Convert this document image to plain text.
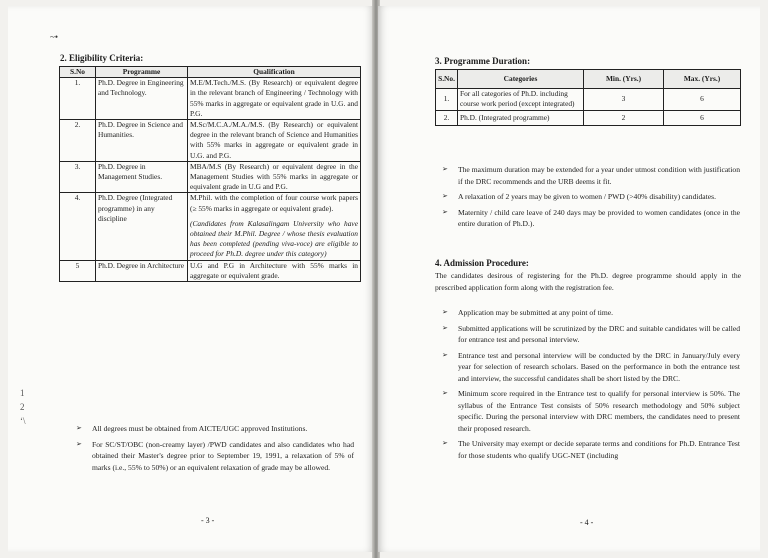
~•
1
2
‘\
2. Eligibility Criteria:
S.No	Programme	Qualification
1.	Ph.D. Degree in Engineering and Technology.	M.E/M.Tech./M.S. (By Research) or equivalent degree in the relevant branch of Engineering / Technology with 55% marks in aggregate or equivalent grade in U.G. and P.G.
2.	Ph.D. Degree in Science and Humanities.	M.Sc/M.C.A./M.A./M.S. (By Research) or equivalent degree in the relevant branch of Science and Humanities with 55% marks in aggregate or equivalent grade in U.G. and P.G.
3.	Ph.D. Degree in Management Studies.	MBA/M.S (By Research) or equivalent degree in the Management Studies with 55% marks in aggregate or equivalent grade in U.G and P.G.
4.	Ph.D. Degree (Integrated programme) in any discipline	M.Phil. with the completion of four course work papers (≥ 55% marks in aggregate or equivalent grade).
(Candidates from Kalasalingam University who have obtained their M.Phil. Degree / whose thesis evaluation has been completed (pending viva-voce) are eligible to proceed for Ph.D. degree under this category)

5	Ph.D. Degree in Architecture	U.G and P.G in Architecture with 55% marks in aggregate or equivalent grade.
➢ All degrees must be obtained from AICTE/UGC approved Institutions.
➢ For SC/ST/OBC (non-creamy layer) /PWD candidates and also candidates who had obtained their Master's degree prior to September 19, 1991, a relaxation of 5% of marks (i.e., 55% to 50%) or an equivalent relaxation of grade may be allowed.
- 3 -
3. Programme Duration:
S.No.	Categories	Min. (Yrs.)	Max. (Yrs.)
1.	For all categories of Ph.D. including course work period (except integrated)	3	6
2.	Ph.D. (Integrated programme)	2	6
➢ The maximum duration may be extended for a year under utmost condition with justification if the DRC recommends and the URB deems it fit.
➢ A relaxation of 2 years may be given to women / PWD (>40% disability) candidates.
➢ Maternity / child care leave of 240 days may be provided to women candidates (once in the entire duration of Ph.D.).
4. Admission Procedure:

The candidates desirous of registering for the Ph.D. degree programme should apply in the prescribed application form along with the registration fee.

➢ Application may be submitted at any point of time.
➢ Submitted applications will be scrutinized by the DRC and suitable candidates will be called for entrance test and personal interview.
➢ Entrance test and personal interview will be conducted by the DRC in January/July every year for selection of research scholars. Based on the performance in both the entrance test and interview, the successful candidates shall be short listed by the DRC.
➢ Minimum score required in the Entrance test to qualify for personal interview is 50%. The syllabus of the Entrance Test consists of 50% research methodology and 50% subject specific. During the personal interview with DRC members, the candidates need to present their proposed research.
➢ The University may exempt or decide separate terms and conditions for Ph.D. Entrance Test for those students who qualify UGC-NET (including
- 4 -
